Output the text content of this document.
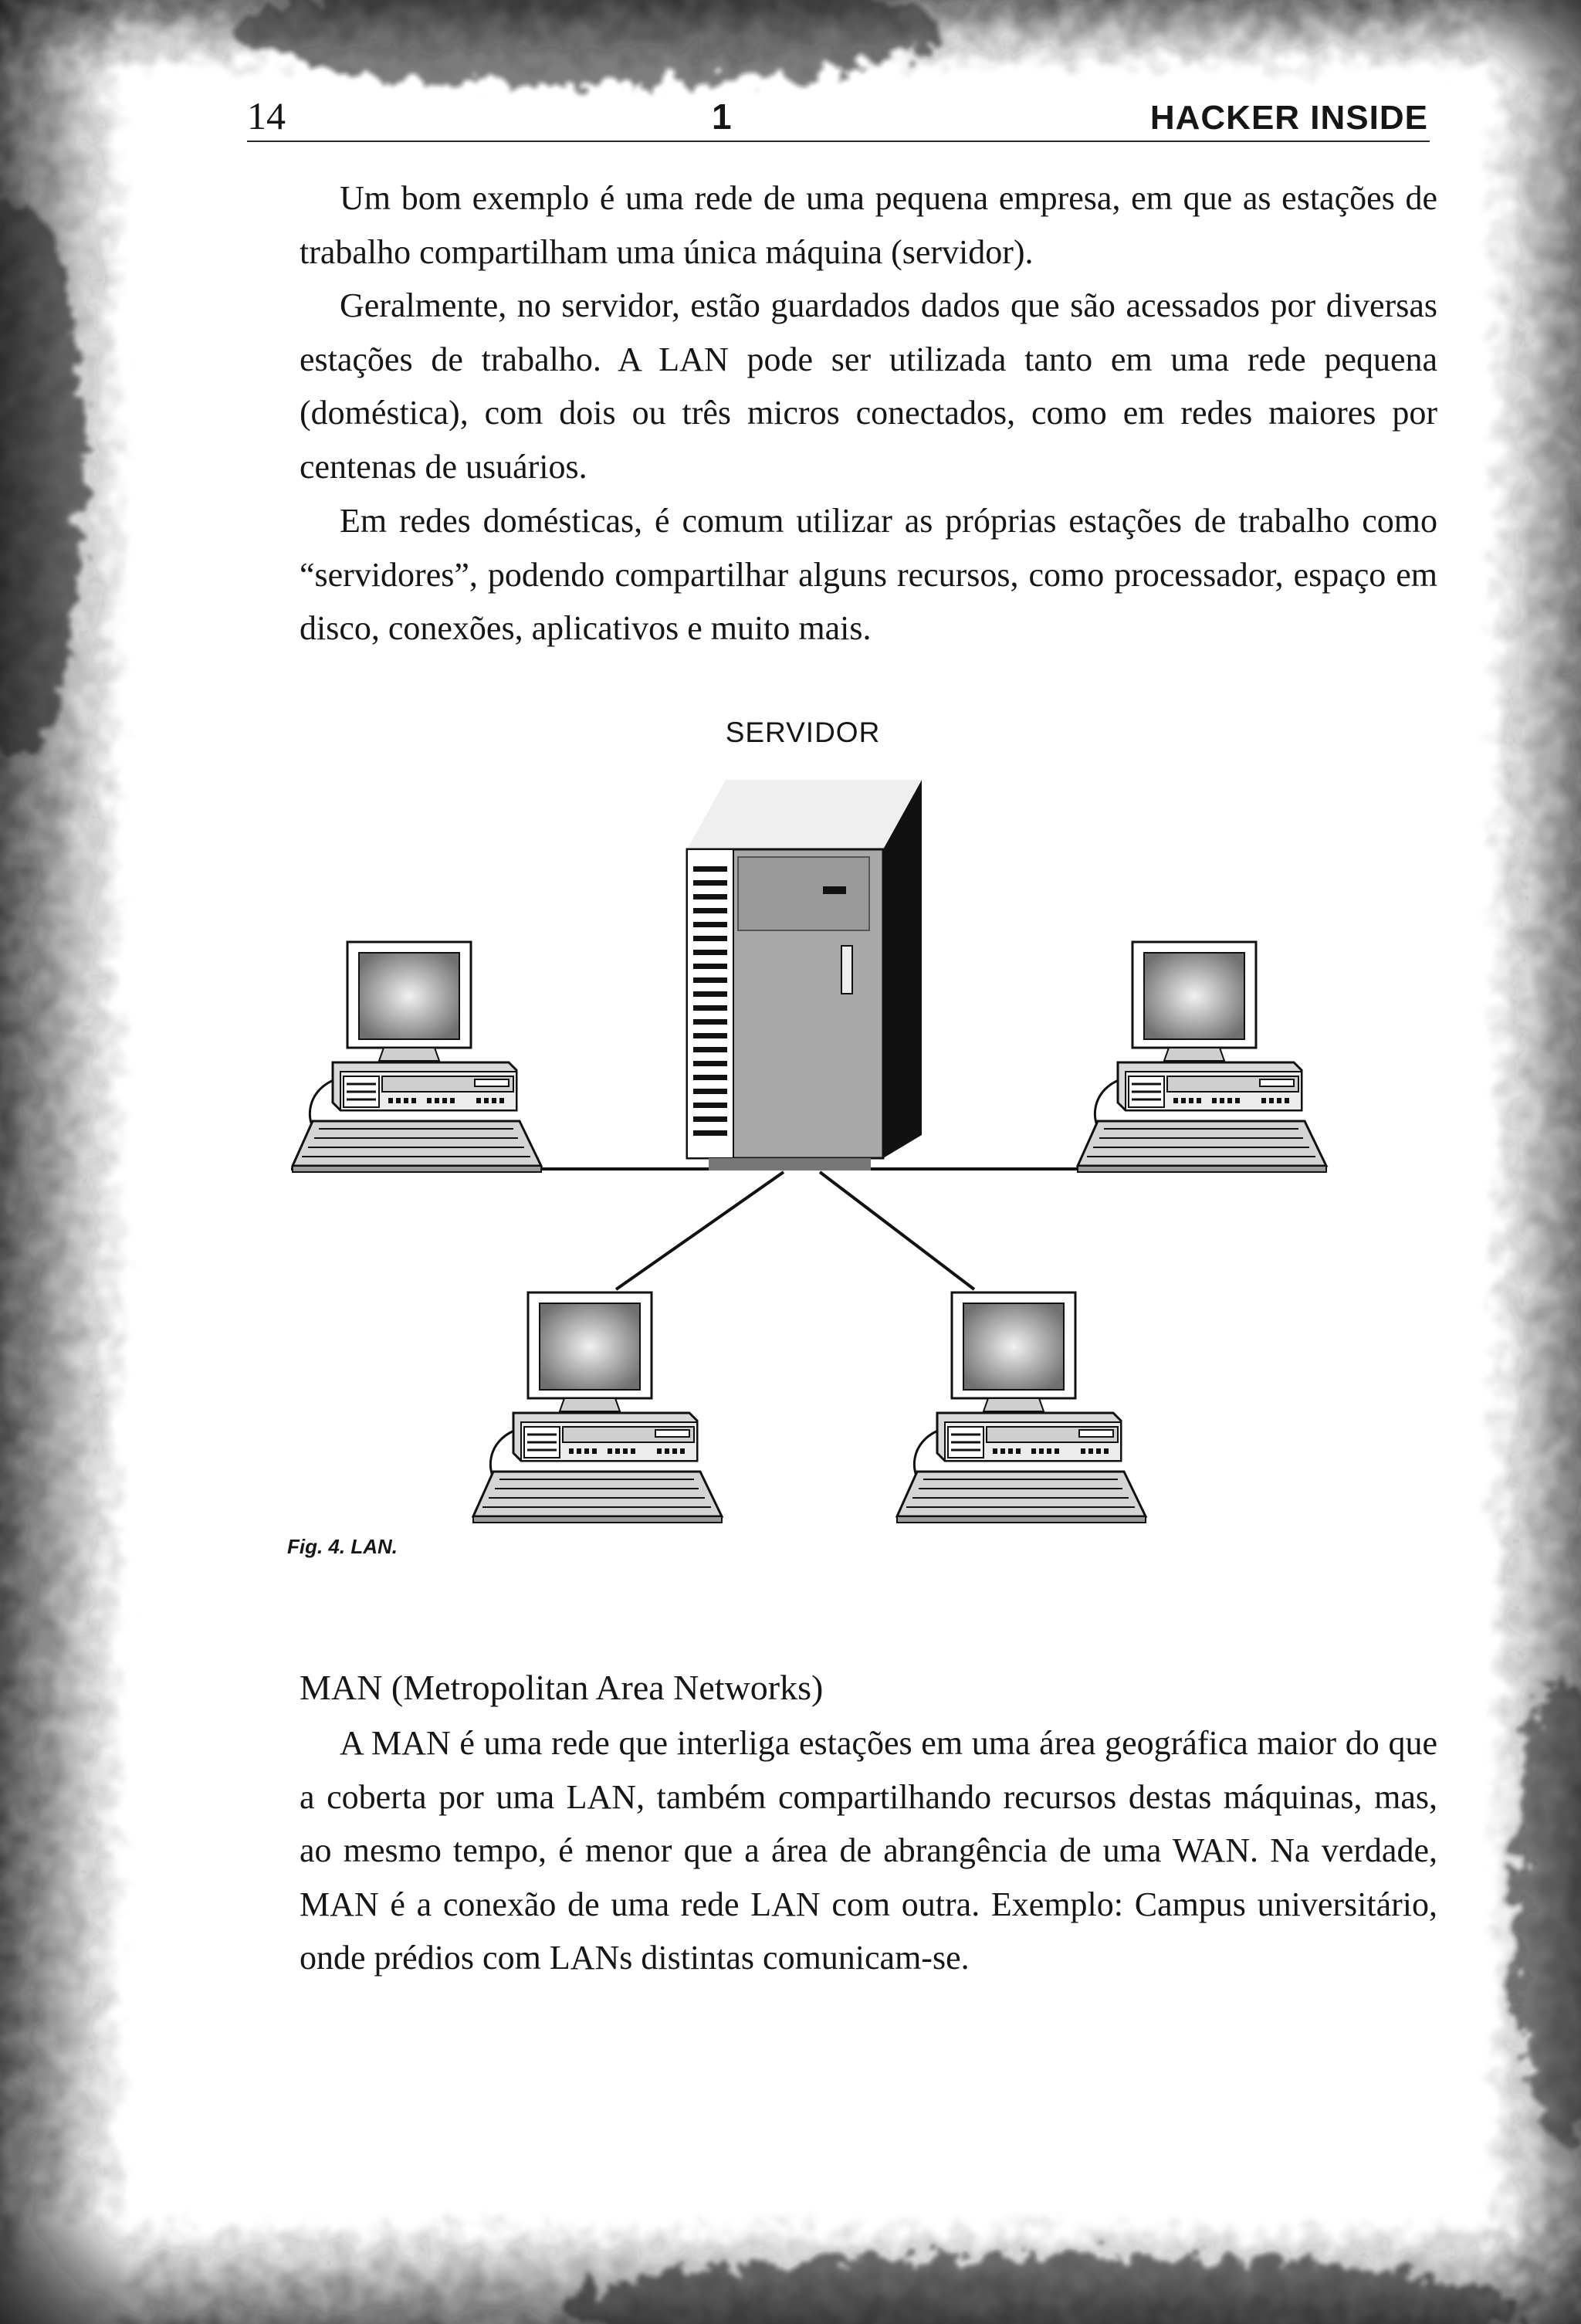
14	1	HACKER INSIDE

Um bom exemplo é uma rede de uma pequena empresa, em que as estações de trabalho compartilham uma única máquina (servidor).

Geralmente, no servidor, estão guardados dados que são acessados por diversas estações de trabalho. A LAN pode ser utilizada tanto em uma rede pequena (doméstica), com dois ou três micros conectados, como em redes maiores por centenas de usuários.

Em redes domésticas, é comum utilizar as próprias estações de trabalho como “servidores”, podendo compartilhar alguns recursos, como processador, espaço em disco, conexões, aplicativos e muito mais.

SERVIDOR
Fig. 4. LAN.
MAN (Metropolitan Area Networks)

A MAN é uma rede que interliga estações em uma área geográfica maior do que a coberta por uma LAN, também compartilhando recursos destas máquinas, mas, ao mesmo tempo, é menor que a área de abrangência de uma WAN. Na verdade, MAN é a conexão de uma rede LAN com outra. Exemplo: Campus universitário, onde prédios com LANs distintas comunicam-se.
